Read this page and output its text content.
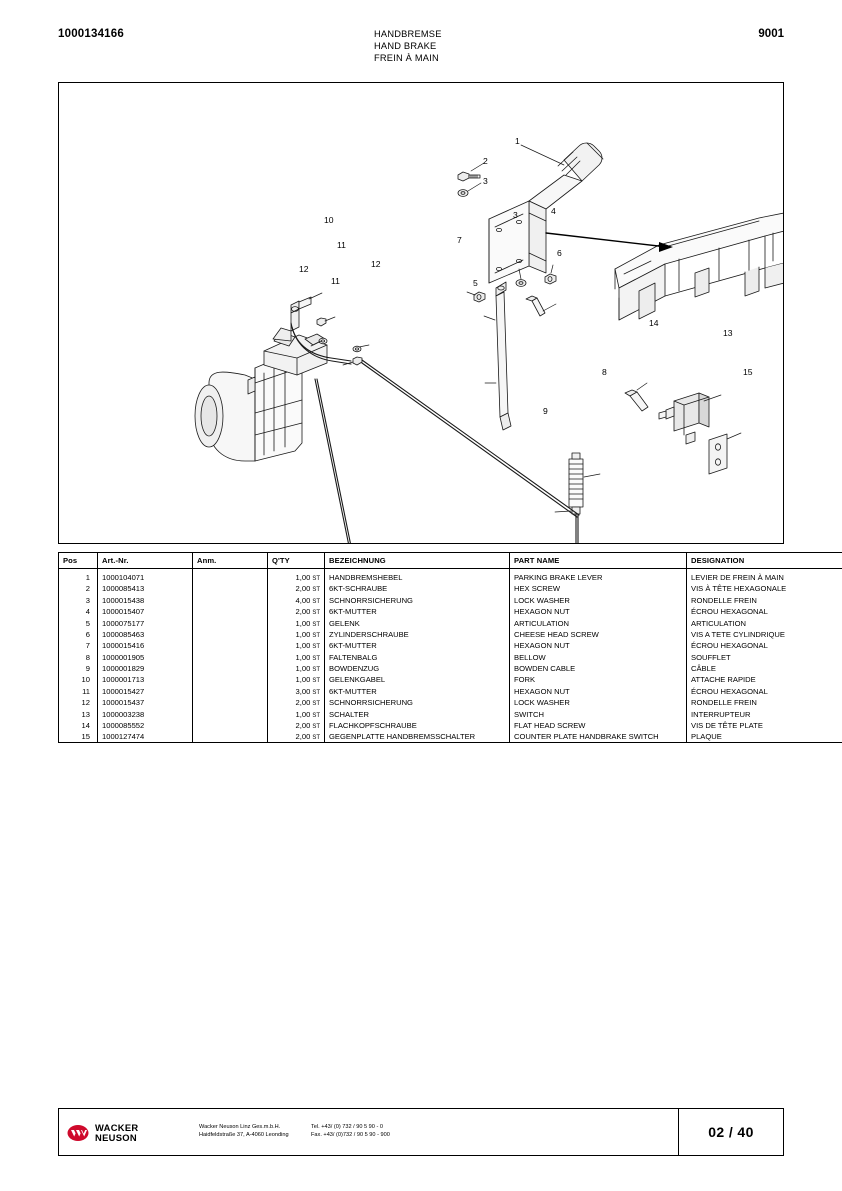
1000134166	HANDBREMSE
HAND BRAKE
FREIN À MAIN
9001
1
2
3
3	4
5
6
7
8
9
10
11
11
12	12
13
14
15
Pos	Art.-Nr.	Anm.	Q'TY	BEZEICHNUNG	PART NAME	DESIGNATION
1	1000104071		1,00 ST	HANDBREMSHEBEL	PARKING BRAKE LEVER	LEVIER DE FREIN À MAIN
2	1000085413		2,00 ST	6KT-SCHRAUBE	HEX SCREW	VIS À TÊTE HEXAGONALE
3	1000015438		4,00 ST	SCHNORRSICHERUNG	LOCK WASHER	RONDELLE FREIN
4	1000015407		2,00 ST	6KT-MUTTER	HEXAGON NUT	ÉCROU HEXAGONAL
5	1000075177		1,00 ST	GELENK	ARTICULATION	ARTICULATION
6	1000085463		1,00 ST	ZYLINDERSCHRAUBE	CHEESE HEAD SCREW	VIS A TETE CYLINDRIQUE
7	1000015416		1,00 ST	6KT-MUTTER	HEXAGON NUT	ÉCROU HEXAGONAL
8	1000001905		1,00 ST	FALTENBALG	BELLOW	SOUFFLET
9	1000001829		1,00 ST	BOWDENZUG	BOWDEN CABLE	CÂBLE
10	1000001713		1,00 ST	GELENKGABEL	FORK	ATTACHE RAPIDE
11	1000015427		3,00 ST	6KT-MUTTER	HEXAGON NUT	ÉCROU HEXAGONAL
12	1000015437		2,00 ST	SCHNORRSICHERUNG	LOCK WASHER	RONDELLE FREIN
13	1000003238		1,00 ST	SCHALTER	SWITCH	INTERRUPTEUR
14	1000085552		2,00 ST	FLACHKOPFSCHRAUBE	FLAT HEAD SCREW	VIS DE TÊTE PLATE
15	1000127474		2,00 ST	GEGENPLATTE HANDBREMSSCHALTER	COUNTER PLATE HANDBRAKE SWITCH	PLAQUE
WACKER
NEUSON
Wacker Neuson Linz Ges.m.b.H.
Haidfeldstraße 37, A-4060 Leonding
Tel. +43/ (0) 732 / 90 5 90 - 0
Fax. +43/ (0)732 / 90 5 90 - 900	02 / 40
